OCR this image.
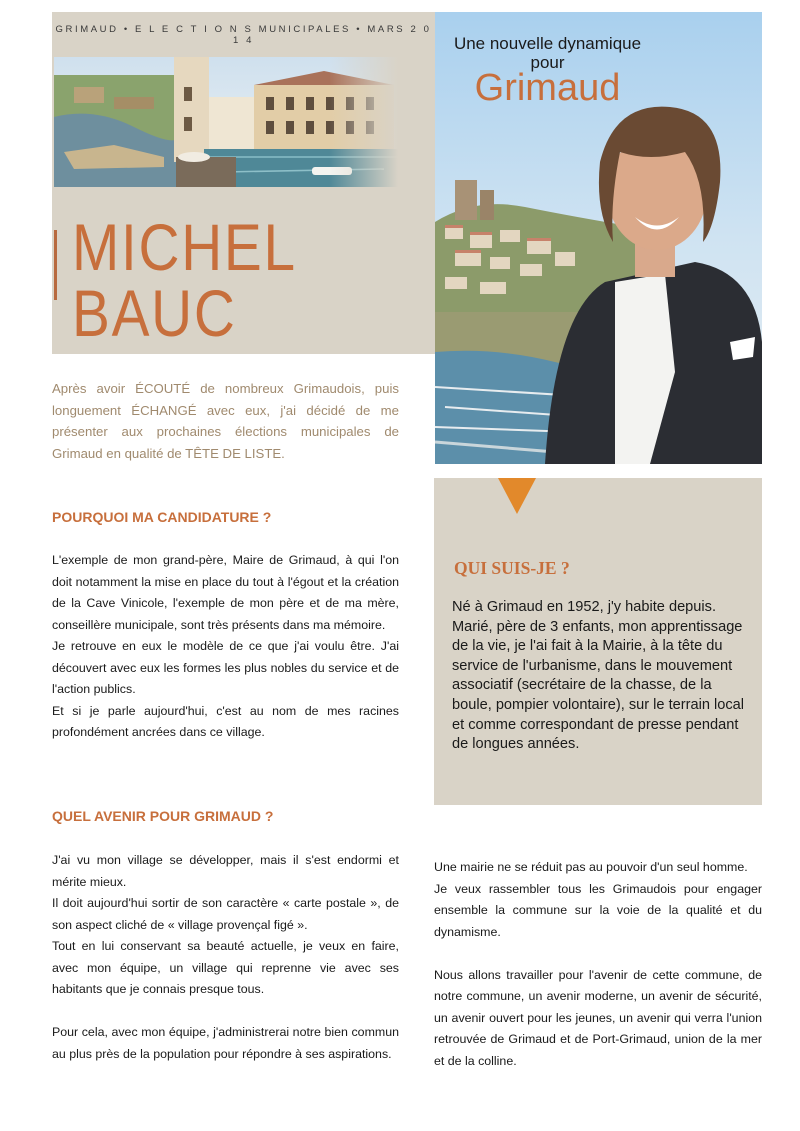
GRIMAUD • E L E C T I O N S MUNICIPALES • MARS 2 0 1 4
MICHEL BAUC
Une nouvelle dynamique
pour
Grimaud
Après avoir ÉCOUTÉ de nombreux Grimaudois, puis longuement ÉCHANGÉ avec eux, j'ai décidé de me présenter aux prochaines élections municipales de Grimaud en qualité de TÊTE DE LISTE.
QUI SUIS-JE ?
Né à Grimaud en 1952, j'y habite depuis. Marié, père de 3 enfants, mon apprentissage de la vie, je l'ai fait à la Mairie, à la tête du service de l'urbanisme, dans le mouvement associatif (secrétaire de la chasse, de la boule, pompier volontaire), sur le terrain local et comme correspondant de presse pendant de longues années.
POURQUOI MA CANDIDATURE ?

L'exemple de mon grand-père, Maire de Grimaud, à qui l'on doit notamment la mise en place du tout à l'égout et la création de la Cave Vinicole, l'exemple de mon père et de ma mère, conseillère municipale, sont très présents dans ma mémoire.

Je retrouve en eux le modèle de ce que j'ai voulu être. J'ai découvert avec eux les formes les plus nobles du service et de l'action publics.

Et si je parle aujourd'hui, c'est au nom de mes racines profondément ancrées dans ce village.

QUEL AVENIR POUR GRIMAUD ?

J'ai vu mon village se développer, mais il s'est endormi et mérite mieux.

Il doit aujourd'hui sortir de son caractère « carte postale », de son aspect cliché de « village provençal figé ».

Tout en lui conservant sa beauté actuelle, je veux en faire, avec mon équipe, un village qui reprenne vie avec ses habitants que je connais presque tous.

Pour cela, avec mon équipe, j'administrerai notre bien commun au plus près de la population pour répondre à ses aspirations.

Une mairie ne se réduit pas au pouvoir d'un seul homme.

Je veux rassembler tous les Grimaudois pour engager ensemble la commune sur la voie de la qualité et du dynamisme.

Nous allons travailler pour l'avenir de cette commune, de notre commune, un avenir moderne, un avenir de sécurité, un avenir ouvert pour les jeunes, un avenir qui verra l'union retrouvée de Grimaud et de Port-Grimaud, union de la mer et de la colline.
